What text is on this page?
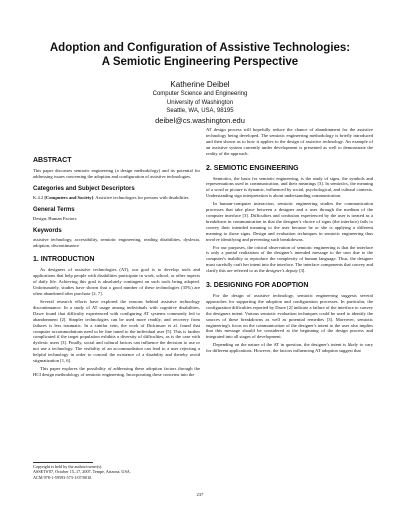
Adoption and Configuration of Assistive Technologies:
A Semiotic Engineering Perspective
Katherine Deibel
Computer Science and Engineering
University of Washington
Seattle, WA, USA, 98195
deibel@cs.washington.edu
ABSTRACT

This paper discusses semiotic engineering (a design methodology) and its potential for addressing issues concerning the adoption and configuration of assistive technologies.

Categories and Subject Descriptors

K.4.2 [Computers and Society]: Assistive technologies for persons with disabilities

General Terms

Design, Human Factors

Keywords

assistive technology, accessibility, semiotic engineering, reading disabilities, dyslexia, adoption, discontinuance

1. INTRODUCTION

As designers of assistive technologies (AT), our goal is to develop tools and applications that help people with disabilities participate in work, school, or other aspects of daily life. Achieving this goal is absolutely contingent on such tools being adopted. Unfortunately, studies have shown that a good number of these technologies (35%) are often abandoned after purchase [2, 7].

Several research efforts have explored the reasons behind assistive technology discontinuance. In a study of AT usage among individuals with cognitive disabilities, Dawe found that difficulty experienced with configuring AT systems commonly led to abandonment [2]. Simpler technologies can be used more readily, and recovery from failures is less traumatic. In a similar vein, the work of Dickinson et al. found that computer accommodations need to be fine tuned to the individual user [5]. This is further complicated if the target population exhibits a diversity of difficulties, as is the case with dyslexic users [3]. Finally, social and cultural factors can influence the decision to use or not use a technology. The visibility of an accommodation can lead to a user rejecting a helpful technology in order to conceal the existence of a disability and thereby avoid stigmatization [1, 6].

This paper explores the possibility of addressing these adoption factors through the HCI design methodology of semiotic engineering. Incorporating these concerns into the

AT design process will hopefully reduce the chance of abandonment for the assistive technology being developed. The semiotic engineering methodology is briefly introduced and then shown as to how it applies to the design of assistive technology. An example of an assistive system currently under development is presented as well to demonstrate the reality of the approach.

2. SEMIOTIC ENGINEERING

Semiotics, the basis for semiotic engineering, is the study of signs, the symbols and representations used in communication, and their meanings [3]. In semiotics, the meaning of a word or picture is dynamic, influenced by social, psychological, and cultural contexts. Understanding sign interpretation is about understanding communication.

In human-computer interaction, semiotic engineering studies the communication processes that take place between a designer and a user through the medium of the computer interface [3]. Difficulties and confusion experienced by the user is treated as a breakdown in communication in that the designer's choice of signs (the interface) fails to convey their intended meaning to the user because he or she is applying a different meaning to those signs. Design and evaluation techniques in semiotic engineering thus involve identifying and preventing such breakdowns.

For our purposes, the critical observation of semiotic engineering is that the interface is only a partial realization of the designer's intended message to the user due to the computer's inability to reproduce the complexity of human language. Thus, the designer must carefully craft her intent into the interface. The interface components that convey and clarify this are referred to as the designer's deputy [3].

3. DESIGNING FOR ADOPTION

For the design of assistive technology, semiotic engineering suggests several approaches for supporting the adoption and configuration processes. In particular, the configuration difficulties reported by Dawe [2] indicate a failure of the interface to convey the designers intent. Various semiotic evaluation techniques could be used to identify the sources of these breakdowns as well as potential remedies [3]. Moreover, semiotic engineering's focus on the communication of the designer's intent to the user also implies that this message should be considered at the beginning of the design process and integrated into all stages of development.

Depending on the nature of the AT in question, the designer's intent is likely to vary for different applications. However, the factors influencing AT adoption suggest that

Copyright is held by the author/owner(s).
ASSETS'07, October 15–17, 2007, Tempe, Arizona, USA.
ACM 978-1-59593-573-1/07/0010.
237
